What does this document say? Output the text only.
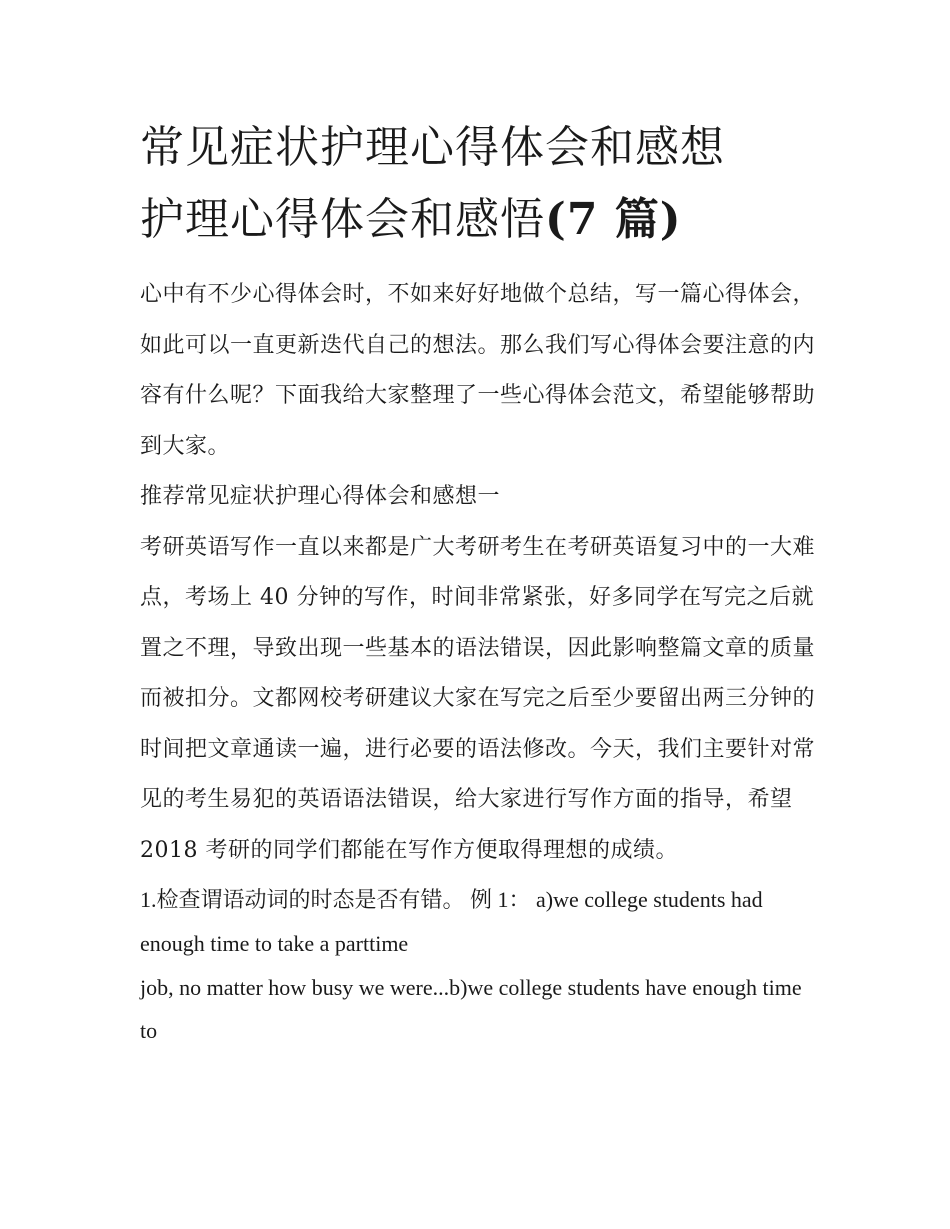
常见症状护理心得体会和感想
护理心得体会和感悟(7 篇)

心中有不少心得体会时，不如来好好地做个总结，写一篇心得体会，如此可以一直更新迭代自己的想法。那么我们写心得体会要注意的内容有什么呢？下面我给大家整理了一些心得体会范文，希望能够帮助到大家。

推荐常见症状护理心得体会和感想一

考研英语写作一直以来都是广大考研考生在考研英语复习中的一大难点，考场上 40 分钟的写作，时间非常紧张，好多同学在写完之后就置之不理，导致出现一些基本的语法错误，因此影响整篇文章的质量而被扣分。文都网校考研建议大家在写完之后至少要留出两三分钟的时间把文章通读一遍，进行必要的语法修改。今天，我们主要针对常见的考生易犯的英语语法错误，给大家进行写作方面的指导，希望 2018 考研的同学们都能在写作方便取得理想的成绩。

1.检查谓语动词的时态是否有错。 例 1： a)we college students had enough time to take a parttime

job, no matter how busy we were...b)we college students have enough time to
